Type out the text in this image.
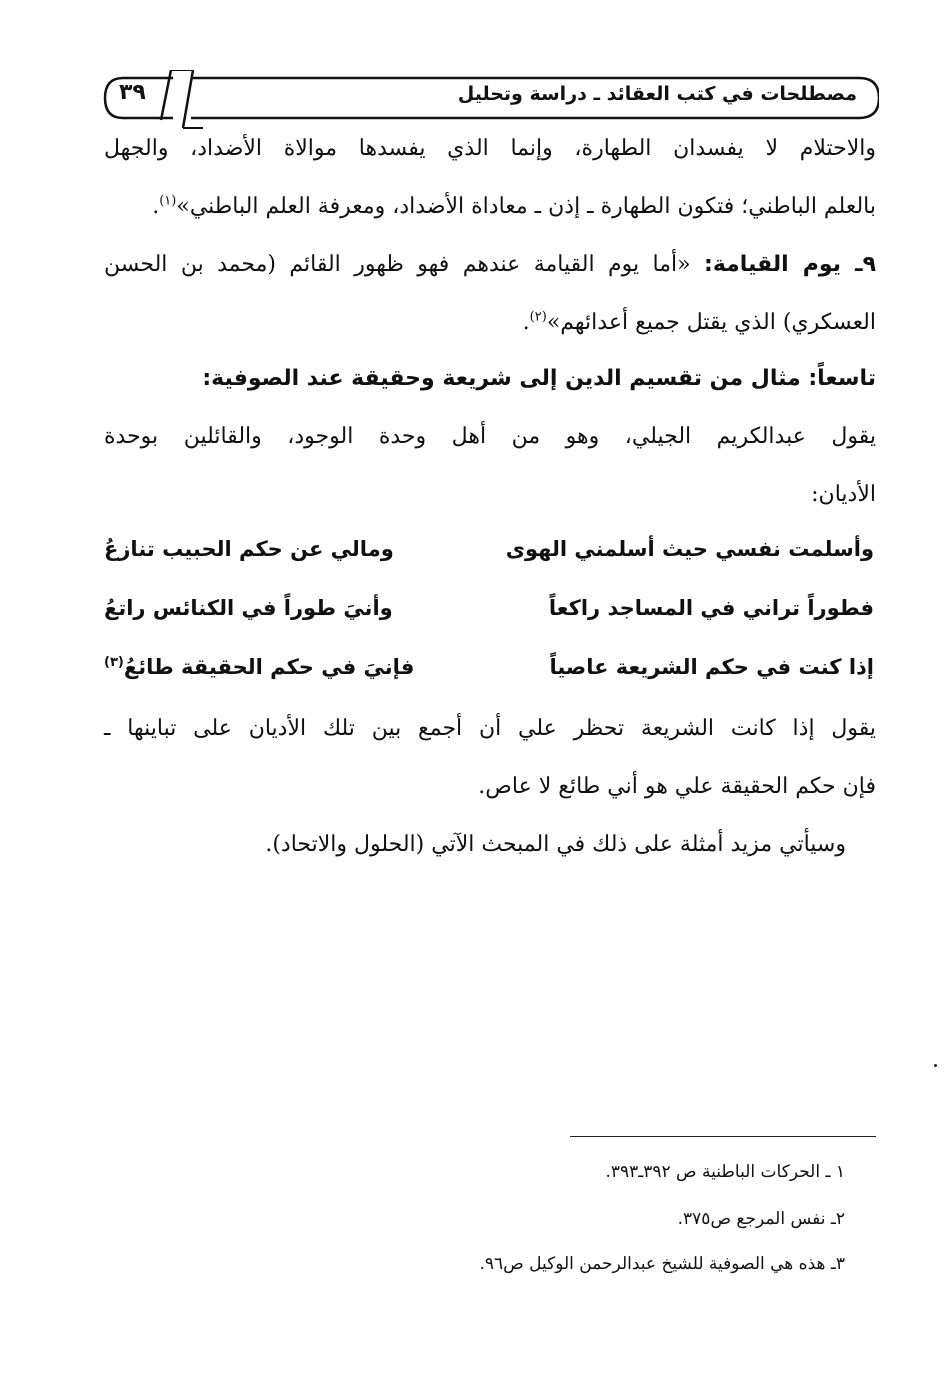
مصطلحات في كتب العقائد ـ دراسة وتحليل
٣٩
والاحتلام لا يفسدان الطهارة، وإنما الذي يفسدها موالاة الأضداد، والجهل
بالعلم الباطني؛ فتكون الطهارة ـ إذن ـ معاداة الأضداد، ومعرفة العلم الباطني»$^{(١)}$.
٩ـ يوم القيامة: «أما يوم القيامة عندهم فهو ظهور القائم (محمد بن الحسن
العسكري) الذي يقتل جميع أعدائهم»$^{(٢)}$.
تاسعاً: مثال من تقسيم الدين إلى شريعة وحقيقة عند الصوفية:
يقول عبدالكريم الجيلي، وهو من أهل وحدة الوجود، والقائلين بوحدة
الأديان:
وأسلمت نفسي حيث أسلمني الهوى
ومالي عن حكم الحبيب تنازعُ
فطوراً تراني في المساجد راكعاً
وأنيَ طوراً في الكنائس راتعُ
إذا كنت في حكم الشريعة عاصياً
فإنيَ في حكم الحقيقة طائعُ$^{(٣)}$
يقول إذا كانت الشريعة تحظر علي أن أجمع بين تلك الأديان على تباينها ـ
فإن حكم الحقيقة علي هو أني طائع لا عاص.
وسيأتي مزيد أمثلة على ذلك في المبحث الآتي (الحلول والاتحاد).
١ ـ الحركات الباطنية ص ٣٩٢ـ٣٩٣.
٢ـ نفس المرجع ص٣٧٥.
٣ـ هذه هي الصوفية للشيخ عبدالرحمن الوكيل ص٩٦.
